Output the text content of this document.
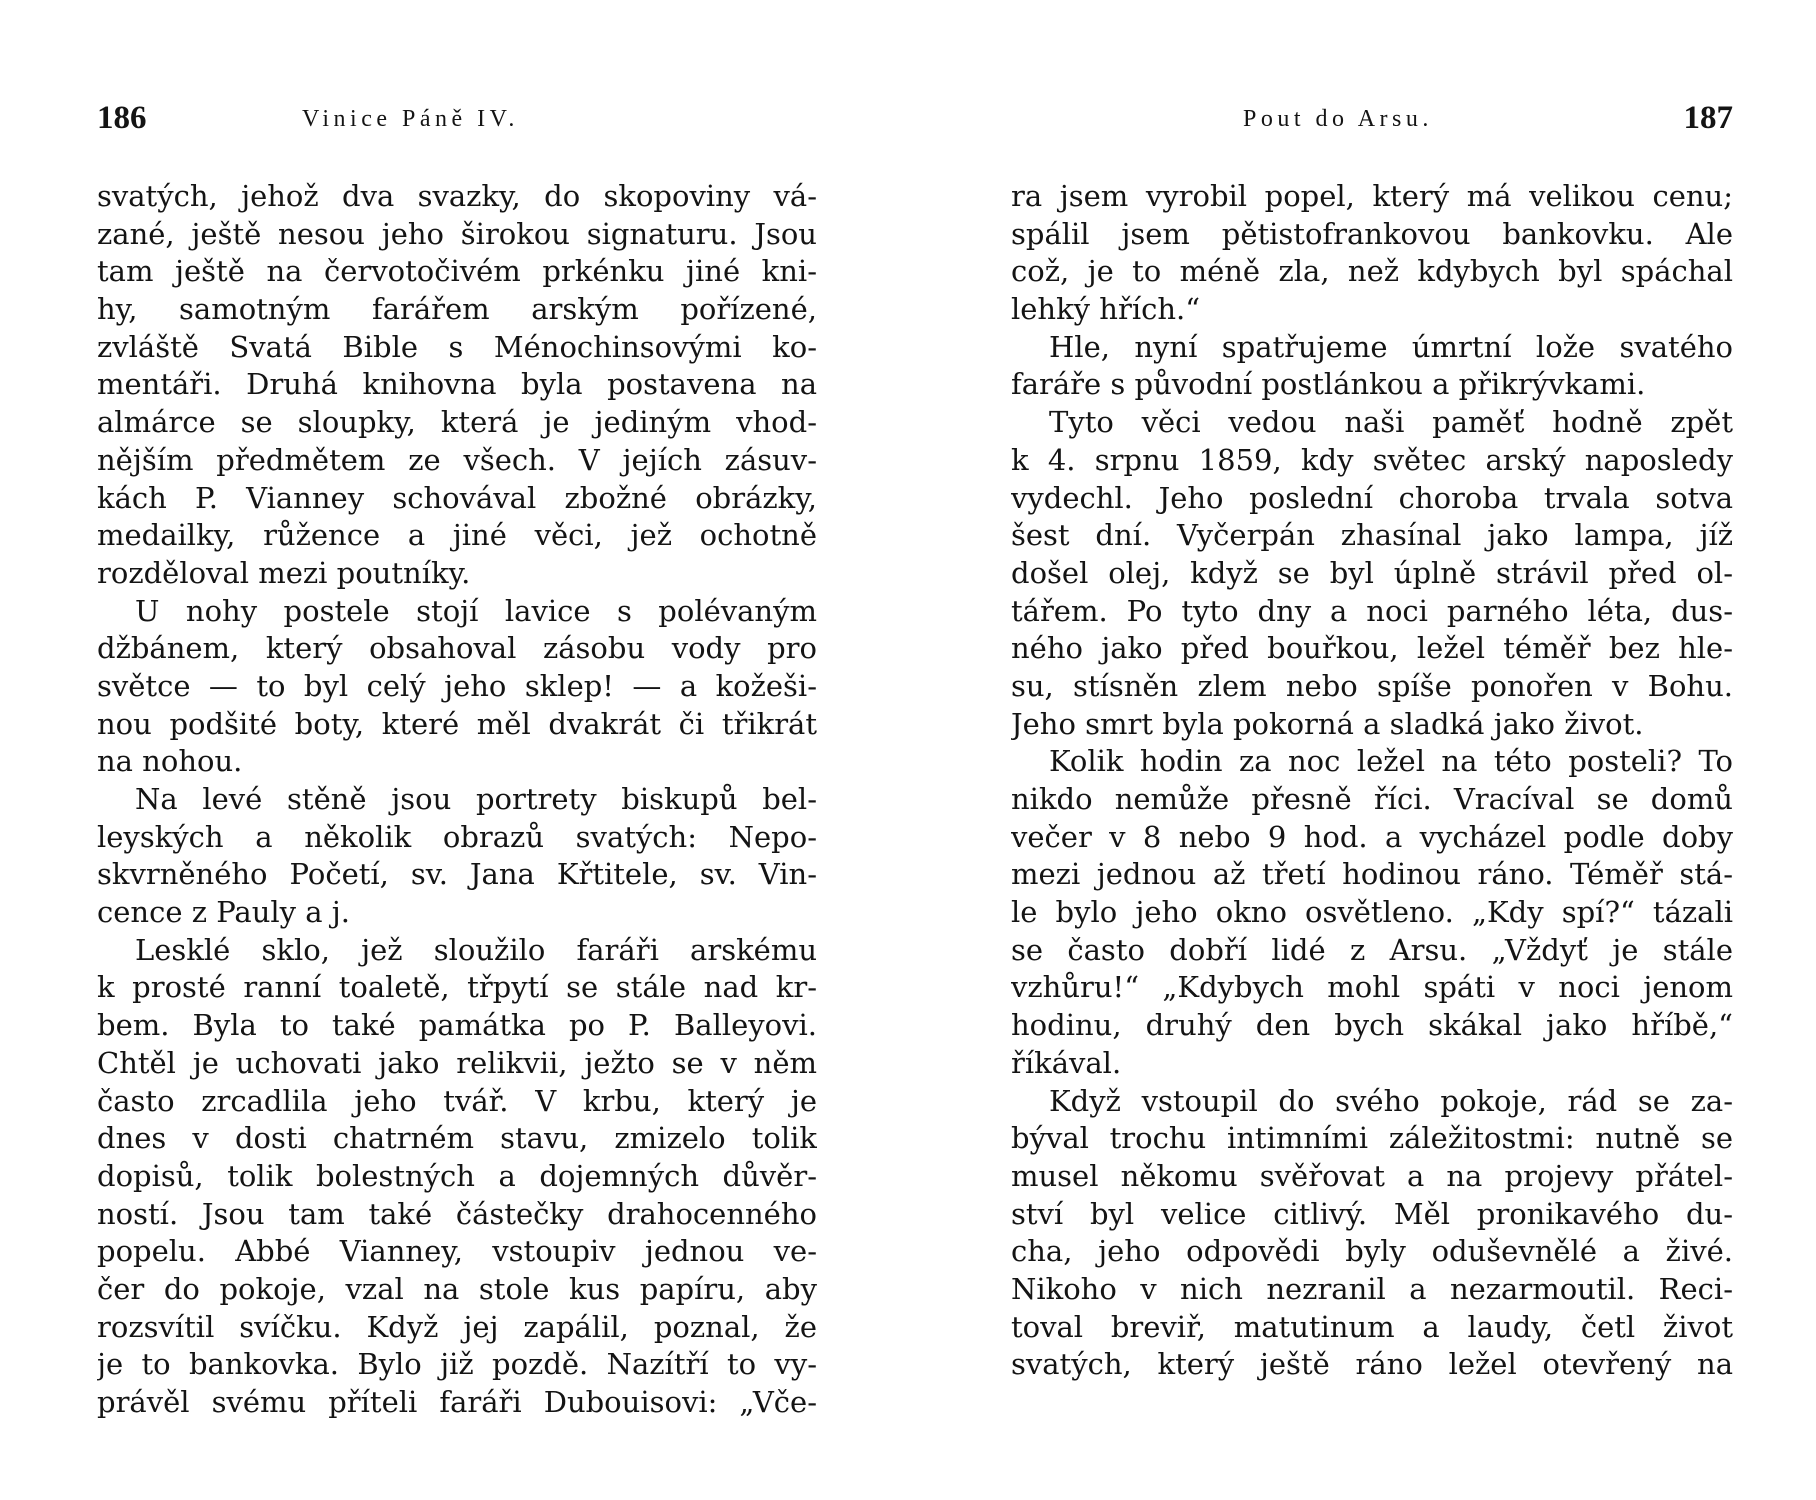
186	Vinice Páně IV.
svatých, jehož dva svazky, do skopoviny vá-
zané, ještě nesou jeho širokou signaturu. Jsou
tam ještě na červotočivém prkénku jiné kni-
hy, samotným farářem arským pořízené,
zvláště Svatá Bible s Ménochinsovými ko-
mentáři. Druhá knihovna byla postavena na
almárce se sloupky, která je jediným vhod-
nějším předmětem ze všech. V jejích zásuv-
kách P. Vianney schovával zbožné obrázky,
medailky, růžence a jiné věci, jež ochotně
rozděloval mezi poutníky.
U nohy postele stojí lavice s polévaným
džbánem, který obsahoval zásobu vody pro
světce — to byl celý jeho sklep! — a kožeši-
nou podšité boty, které měl dvakrát či třikrát
na nohou.
Na levé stěně jsou portrety biskupů bel-
leyských a několik obrazů svatých: Nepo-
skvrněného Početí, sv. Jana Křtitele, sv. Vin-
cence z Pauly a j.
Lesklé sklo, jež sloužilo faráři arskému
k prosté ranní toaletě, třpytí se stále nad kr-
bem. Byla to také památka po P. Balleyovi.
Chtěl je uchovati jako relikvii, ježto se v něm
často zrcadlila jeho tvář. V krbu, který je
dnes v dosti chatrném stavu, zmizelo tolik
dopisů, tolik bolestných a dojemných důvěr-
ností. Jsou tam také částečky drahocenného
popelu. Abbé Vianney, vstoupiv jednou ve-
čer do pokoje, vzal na stole kus papíru, aby
rozsvítil svíčku. Když jej zapálil, poznal, že
je to bankovka. Bylo již pozdě. Nazítří to vy-
právěl svému příteli faráři Dubouisovi: „Vče-
Pout do Arsu.	187
ra jsem vyrobil popel, který má velikou cenu;
spálil jsem pětistofrankovou bankovku. Ale
což, je to méně zla, než kdybych byl spáchal
lehký hřích.“
Hle, nyní spatřujeme úmrtní lože svatého
faráře s původní postlánkou a přikrývkami.
Tyto věci vedou naši paměť hodně zpět
k 4. srpnu 1859, kdy světec arský naposledy
vydechl. Jeho poslední choroba trvala sotva
šest dní. Vyčerpán zhasínal jako lampa, jíž
došel olej, když se byl úplně strávil před ol-
tářem. Po tyto dny a noci parného léta, dus-
ného jako před bouřkou, ležel téměř bez hle-
su, stísněn zlem nebo spíše ponořen v Bohu.
Jeho smrt byla pokorná a sladká jako život.
Kolik hodin za noc ležel na této posteli? To
nikdo nemůže přesně říci. Vracíval se domů
večer v 8 nebo 9 hod. a vycházel podle doby
mezi jednou až třetí hodinou ráno. Téměř stá-
le bylo jeho okno osvětleno. „Kdy spí?“ tázali
se často dobří lidé z Arsu. „Vždyť je stále
vzhůru!“ „Kdybych mohl spáti v noci jenom
hodinu, druhý den bych skákal jako hříbě,“
říkával.
Když vstoupil do svého pokoje, rád se za-
býval trochu intimními záležitostmi: nutně se
musel někomu svěřovat a na projevy přátel-
ství byl velice citlivý. Měl pronikavého du-
cha, jeho odpovědi byly oduševnělé a živé.
Nikoho v nich nezranil a nezarmoutil. Reci-
toval breviř, matutinum a laudy, četl život
svatých, který ještě ráno ležel otevřený na
